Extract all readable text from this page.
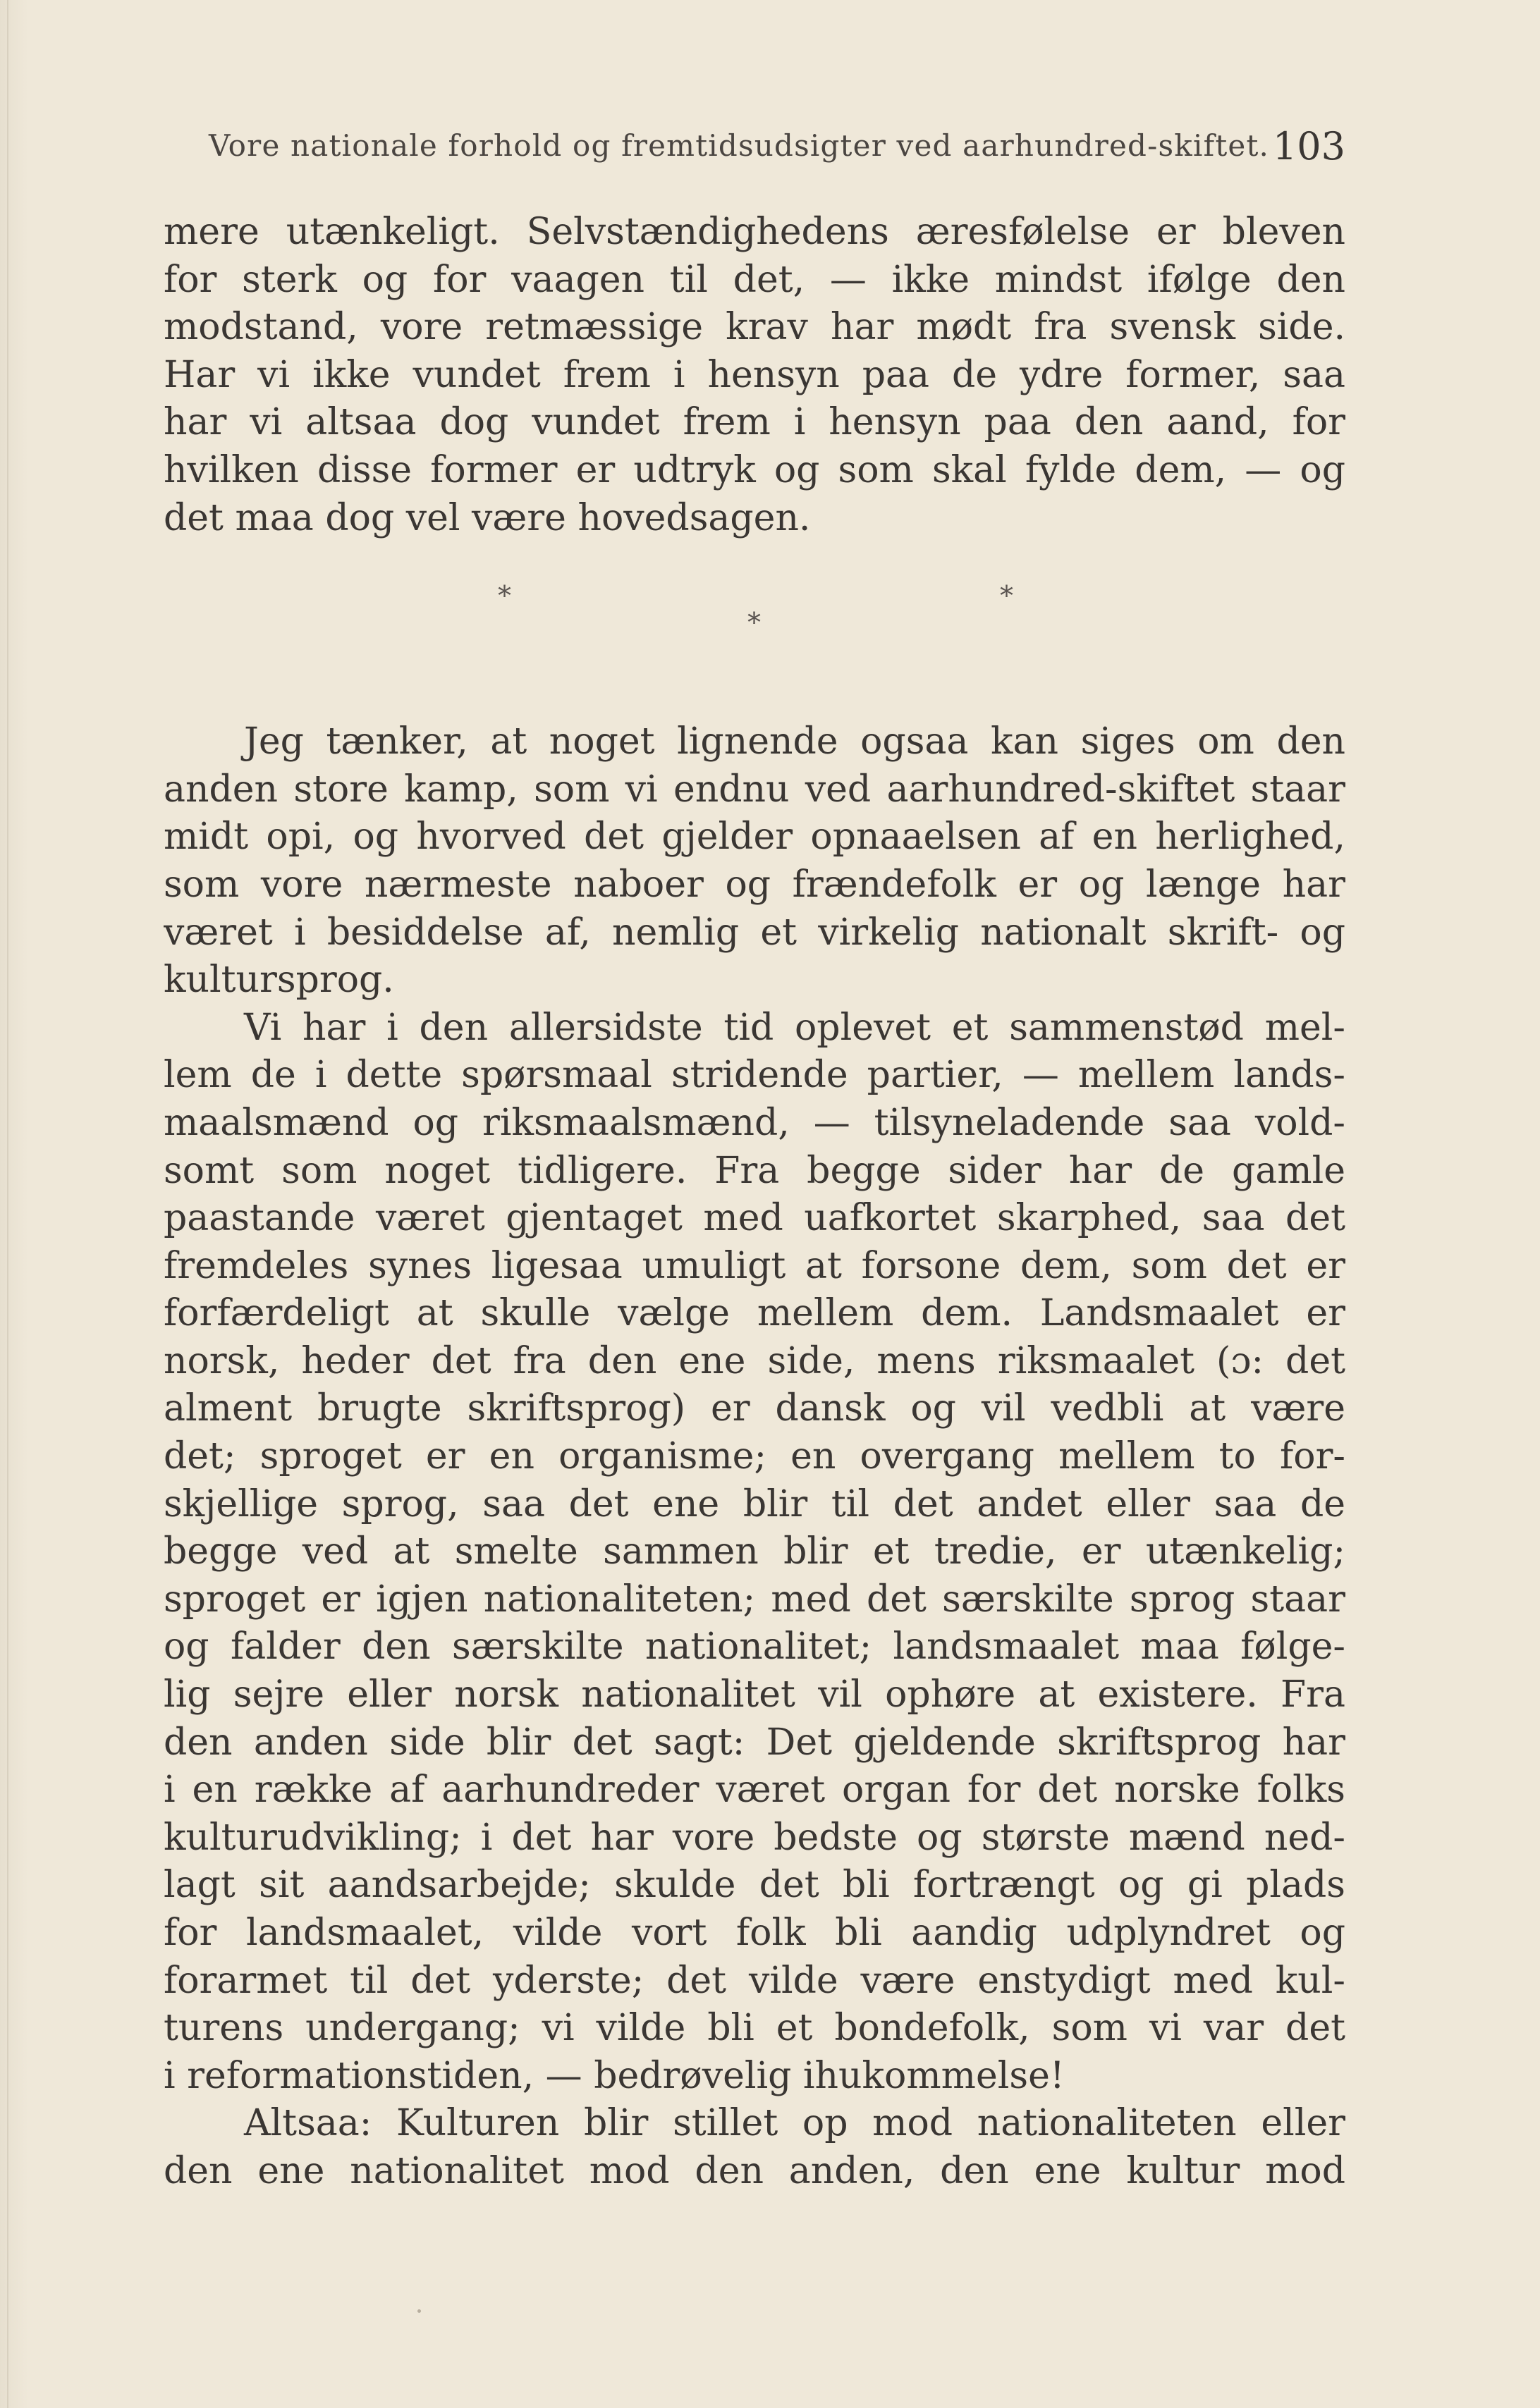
Vore nationale forhold og fremtidsudsigter ved aarhundred-skiftet. 103
mere utænkeligt. Selvstændighedens æresfølelse er bleven
for sterk og for vaagen til det, — ikke mindst ifølge den
modstand, vore retmæssige krav har mødt fra svensk side.
Har vi ikke vundet frem i hensyn paa de ydre former, saa
har vi altsaa dog vundet frem i hensyn paa den aand, for
hvilken disse former er udtryk og som skal fylde dem, — og
det maa dog vel være hovedsagen.
*	*
*
Jeg tænker, at noget lignende ogsaa kan siges om den
anden store kamp, som vi endnu ved aarhundred-skiftet staar
midt opi, og hvorved det gjelder opnaaelsen af en herlighed,
som vore nærmeste naboer og frændefolk er og længe har
været i besiddelse af, nemlig et virkelig nationalt skrift- og
kultursprog.
Vi har i den allersidste tid oplevet et sammenstød mel-
lem de i dette spørsmaal stridende partier, — mellem lands-
maalsmænd og riksmaalsmænd, — tilsyneladende saa vold-
somt som noget tidligere. Fra begge sider har de gamle
paastande været gjentaget med uafkortet skarphed, saa det
fremdeles synes ligesaa umuligt at forsone dem, som det er
forfærdeligt at skulle vælge mellem dem. Landsmaalet er
norsk, heder det fra den ene side, mens riksmaalet (ɔ: det
alment brugte skriftsprog) er dansk og vil vedbli at være
det; sproget er en organisme; en overgang mellem to for-
skjellige sprog, saa det ene blir til det andet eller saa de
begge ved at smelte sammen blir et tredie, er utænkelig;
sproget er igjen nationaliteten; med det særskilte sprog staar
og falder den særskilte nationalitet; landsmaalet maa følge-
lig sejre eller norsk nationalitet vil ophøre at existere. Fra
den anden side blir det sagt: Det gjeldende skriftsprog har
i en række af aarhundreder været organ for det norske folks
kulturudvikling; i det har vore bedste og største mænd ned-
lagt sit aandsarbejde; skulde det bli fortrængt og gi plads
for landsmaalet, vilde vort folk bli aandig udplyndret og
forarmet til det yderste; det vilde være enstydigt med kul-
turens undergang; vi vilde bli et bondefolk, som vi var det
i reformationstiden, — bedrøvelig ihukommelse!
Altsaa: Kulturen blir stillet op mod nationaliteten eller
den ene nationalitet mod den anden, den ene kultur mod
